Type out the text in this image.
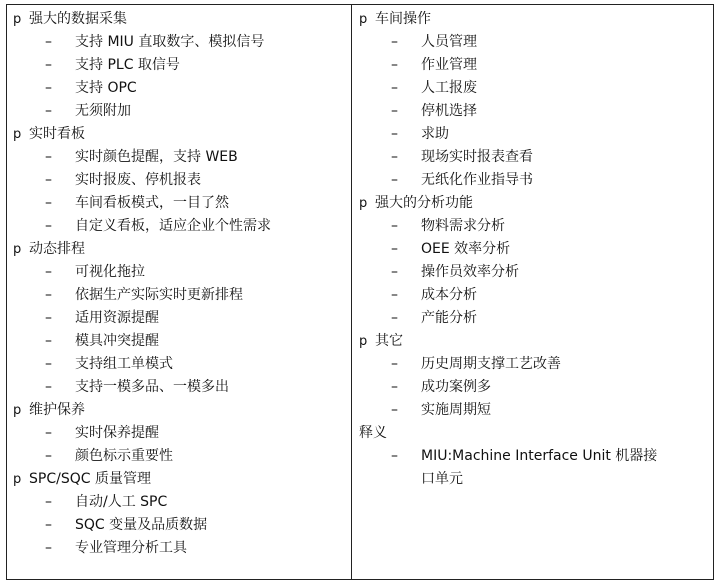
p 强大的数据采集
– 支持 MIU 直取数字、模拟信号
– 支持 PLC 取信号
– 支持 OPC
– 无须附加
p 实时看板
– 实时颜色提醒，支持 WEB
– 实时报废、停机报表
– 车间看板模式，一目了然
– 自定义看板，适应企业个性需求
p 动态排程
– 可视化拖拉
– 依据生产实际实时更新排程
– 适用资源提醒
– 模具冲突提醒
– 支持组工单模式
– 支持一模多品、一模多出
p 维护保养
– 实时保养提醒
– 颜色标示重要性
p SPC/SQC 质量管理
– 自动/人工 SPC
– SQC 变量及品质数据
– 专业管理分析工具
p 车间操作
– 人员管理
– 作业管理
– 人工报废
– 停机选择
– 求助
– 现场实时报表查看
– 无纸化作业指导书
p 强大的分析功能
– 物料需求分析
– OEE 效率分析
– 操作员效率分析
– 成本分析
– 产能分析
p 其它
– 历史周期支撑工艺改善
– 成功案例多
– 实施周期短
释义
– MIU:Machine Interface Unit 机器接
口单元
